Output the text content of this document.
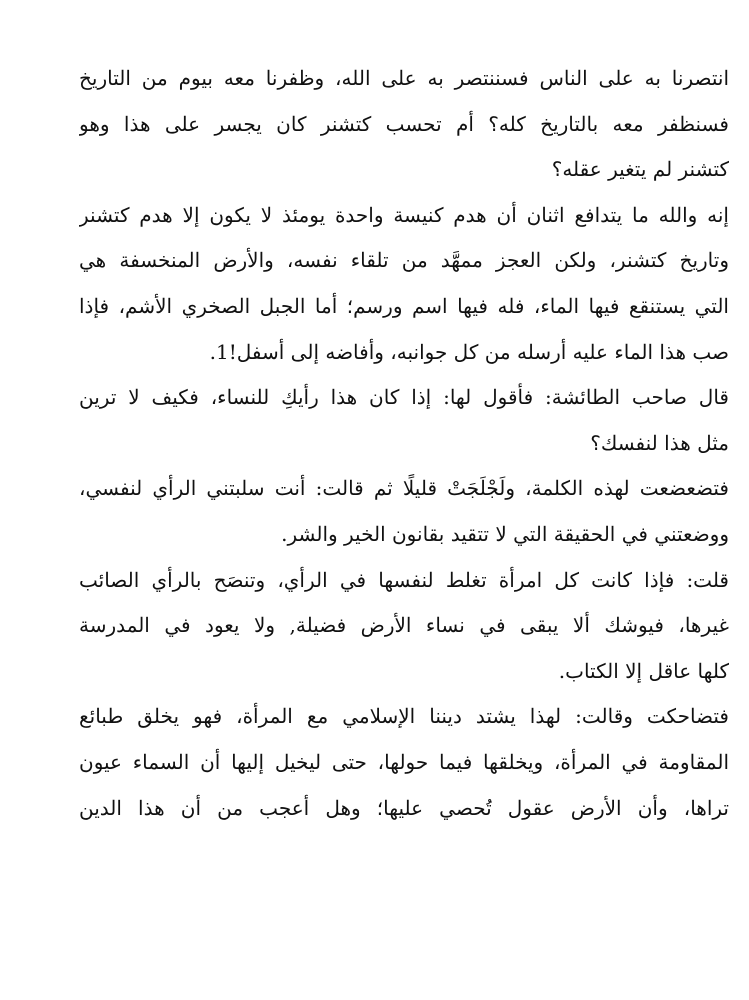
انتصرنا به على الناس فسننتصر به على الله، وظفرنا معه بيوم من التاريخ
فسنظفر معه بالتاريخ كله؟ أم تحسب كتشنر كان يجسر على هذا وهو
كتشنر لم يتغير عقله؟
إنه والله ما يتدافع اثنان أن هدم كنيسة واحدة يومئذ لا يكون إلا هدم كتشنر
وتاريخ كتشنر، ولكن العجز ممهَّد من تلقاء نفسه، والأرض المنخسفة هي
التي يستنقع فيها الماء، فله فيها اسم ورسم؛ أما الجبل الصخري الأشم، فإذا
صب هذا الماء عليه أرسله من كل جوانبه، وأفاضه إلى أسفل!1.
قال صاحب الطائشة: فأقول لها: إذا كان هذا رأيكِ للنساء، فكيف لا ترين
مثل هذا لنفسك؟
فتضعضعت لهذه الكلمة، ولَجْلَجَتْ قليلًا ثم قالت: أنت سلبتني الرأي لنفسي،
ووضعتني في الحقيقة التي لا تتقيد بقانون الخير والشر.
قلت: فإذا كانت كل امرأة تغلط لنفسها في الرأي، وتنصَح بالرأي الصائب
غيرها، فيوشك ألا يبقى في نساء الأرض فضيلة, ولا يعود في المدرسة
كلها عاقل إلا الكتاب.
فتضاحكت وقالت: لهذا يشتد ديننا الإسلامي مع المرأة، فهو يخلق طبائع
المقاومة في المرأة، ويخلقها فيما حولها، حتى ليخيل إليها أن السماء عيون
تراها، وأن الأرض عقول تُحصي عليها؛ وهل أعجب من أن هذا الدين
